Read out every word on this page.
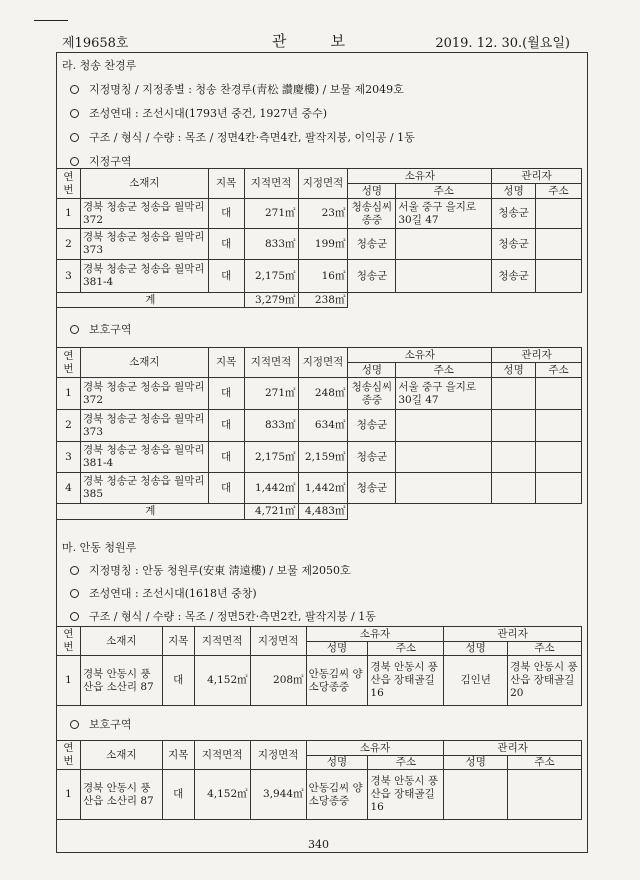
제19658호	관보	2019. 12. 30.(월요일)
라. 청송 찬경루
지정명칭 / 지정종별 : 청송 찬경루(靑松 讚慶樓) / 보물 제2049호
조성연대 : 조선시대(1793년 중건, 1927년 중수)
구조 / 형식 / 수량 : 목조 / 정면4칸·측면4칸, 팔작지붕, 이익공 / 1동
지정구역
연번	소재지	지목	지적면적	지정면적	소유자		관리자	
					성명	주소	성명	주소
1	경북 청송군 청송읍 월막리 372	대	271㎡	23㎡	청송심씨 종중	서울 중구 을지로 30길 47	청송군	
2	경북 청송군 청송읍 월막리 373	대	833㎡	199㎡	청송군		청송군	
3	경북 청송군 청송읍 월막리 381-4	대	2,175㎡	16㎡	청송군		청송군	
계			3,279㎡	238㎡				
보호구역
연번	소재지	지목	지적면적	지정면적	소유자		관리자	
					성명	주소	성명	주소
1	경북 청송군 청송읍 월막리 372	대	271㎡	248㎡	청송심씨 종중	서울 중구 을지로 30길 47		
2	경북 청송군 청송읍 월막리 373	대	833㎡	634㎡	청송군			
3	경북 청송군 청송읍 월막리 381-4	대	2,175㎡	2,159㎡	청송군			
4	경북 청송군 청송읍 월막리 385	대	1,442㎡	1,442㎡	청송군			
계			4,721㎡	4,483㎡				
마. 안동 청원루
지정명칭 : 안동 청원루(安東 淸遠樓) / 보물 제2050호
조성연대 : 조선시대(1618년 중창)
구조 / 형식 / 수량 : 목조 / 정면5칸·측면2칸, 팔작지붕 / 1동
연번	소재지	지목	지적면적	지정면적	소유자		관리자	
					성명	주소	성명	주소
1	경북 안동시 풍산읍 소산리 87	대	4,152㎡	208㎡	안동김씨 양소당종중	경북 안동시 풍산읍 장태골길 16	김인년	경북 안동시 풍산읍 장태골길 20
보호구역
연번	소재지	지목	지적면적	지정면적	소유자		관리자	
					성명	주소	성명	주소
1	경북 안동시 풍산읍 소산리 87	대	4,152㎡	3,944㎡	안동김씨 양소당종중	경북 안동시 풍산읍 장태골길 16		
340
